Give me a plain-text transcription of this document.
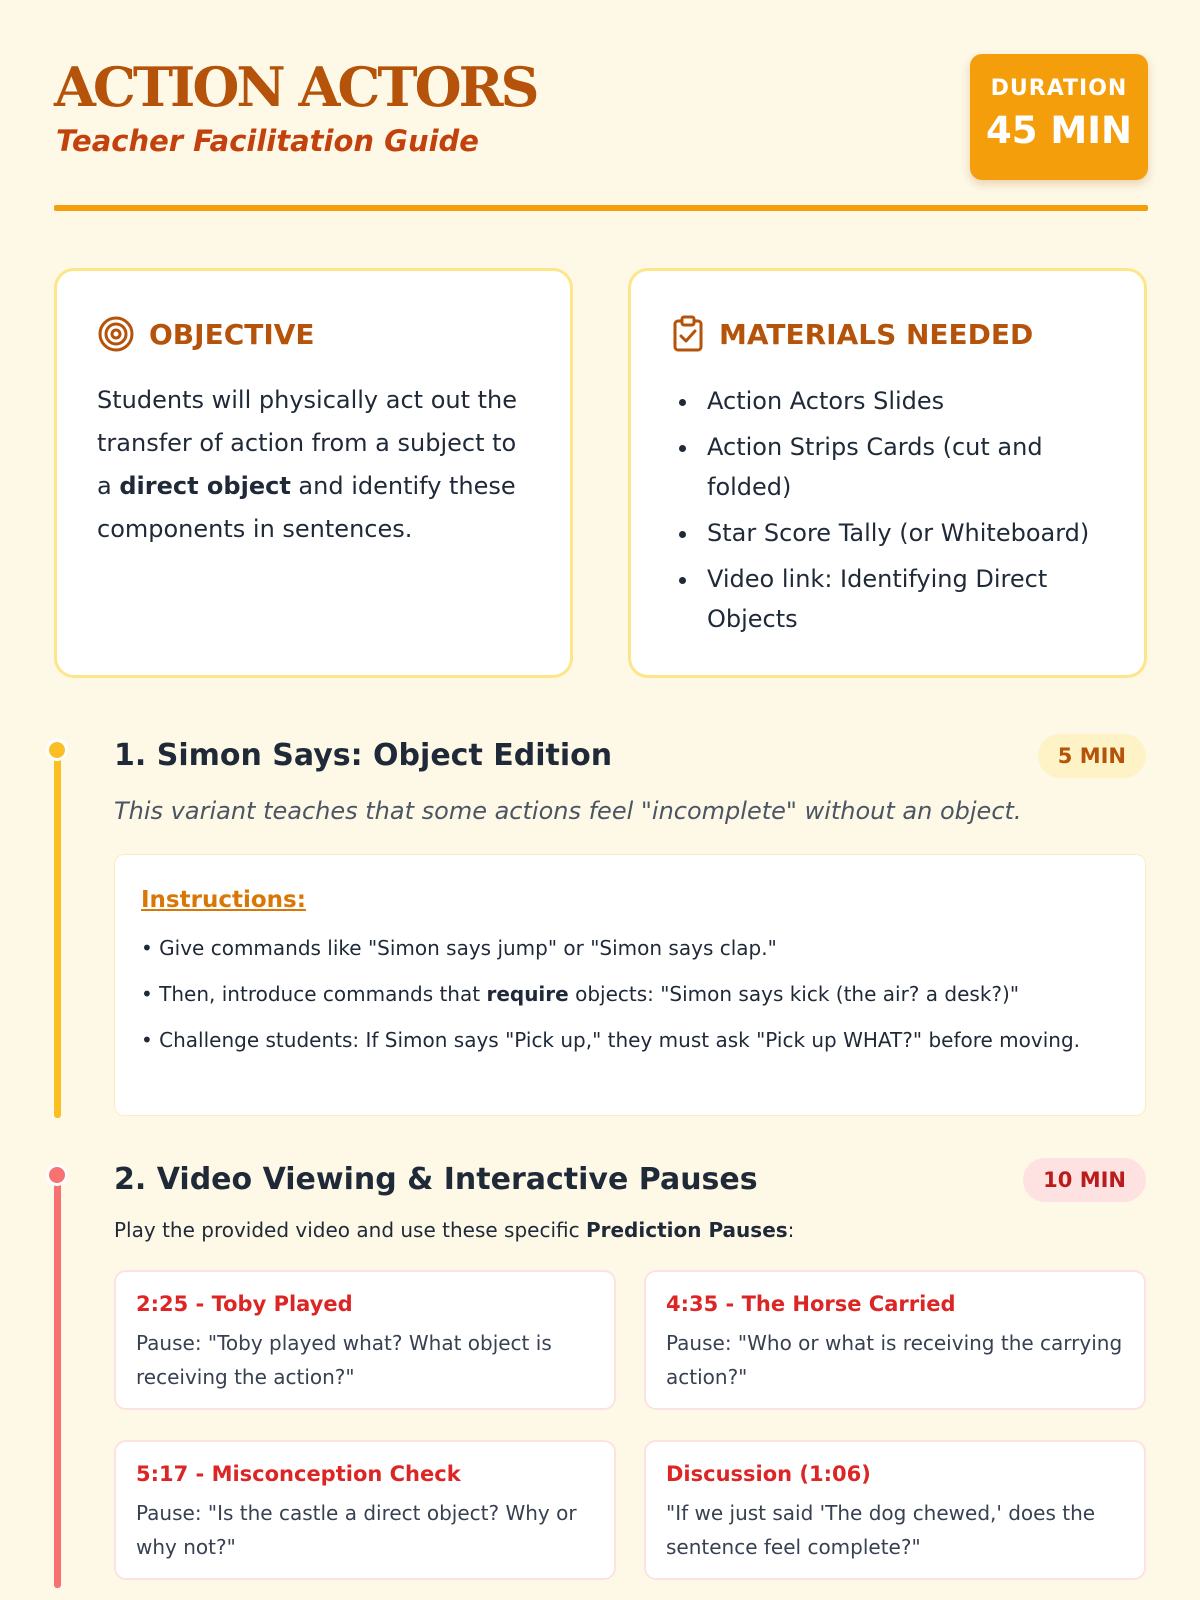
ACTION ACTORS
Teacher Facilitation Guide
DURATION
45 MIN
OBJECTIVE

Students will physically act out the transfer of action from a subject to a direct object and identify these components in sentences.

MATERIALS NEEDED
Action Actors Slides
Action Strips Cards (cut and folded)
Star Score Tally (or Whiteboard)
Video link: Identifying Direct Objects
1. Simon Says: Object Edition	5 MIN
This variant teaches that some actions feel "incomplete" without an object.
Instructions:
• Give commands like "Simon says jump" or "Simon says clap."
• Then, introduce commands that require objects: "Simon says kick (the air? a desk?)"
• Challenge students: If Simon says "Pick up," they must ask "Pick up WHAT?" before moving.
2. Video Viewing & Interactive Pauses	10 MIN
Play the provided video and use these specific Prediction Pauses:
2:25 - Toby Played
Pause: "Toby played what? What object is receiving the action?"
4:35 - The Horse Carried
Pause: "Who or what is receiving the carrying action?"
5:17 - Misconception Check
Pause: "Is the castle a direct object? Why or why not?"
Discussion (1:06)
"If we just said 'The dog chewed,' does the sentence feel complete?"
